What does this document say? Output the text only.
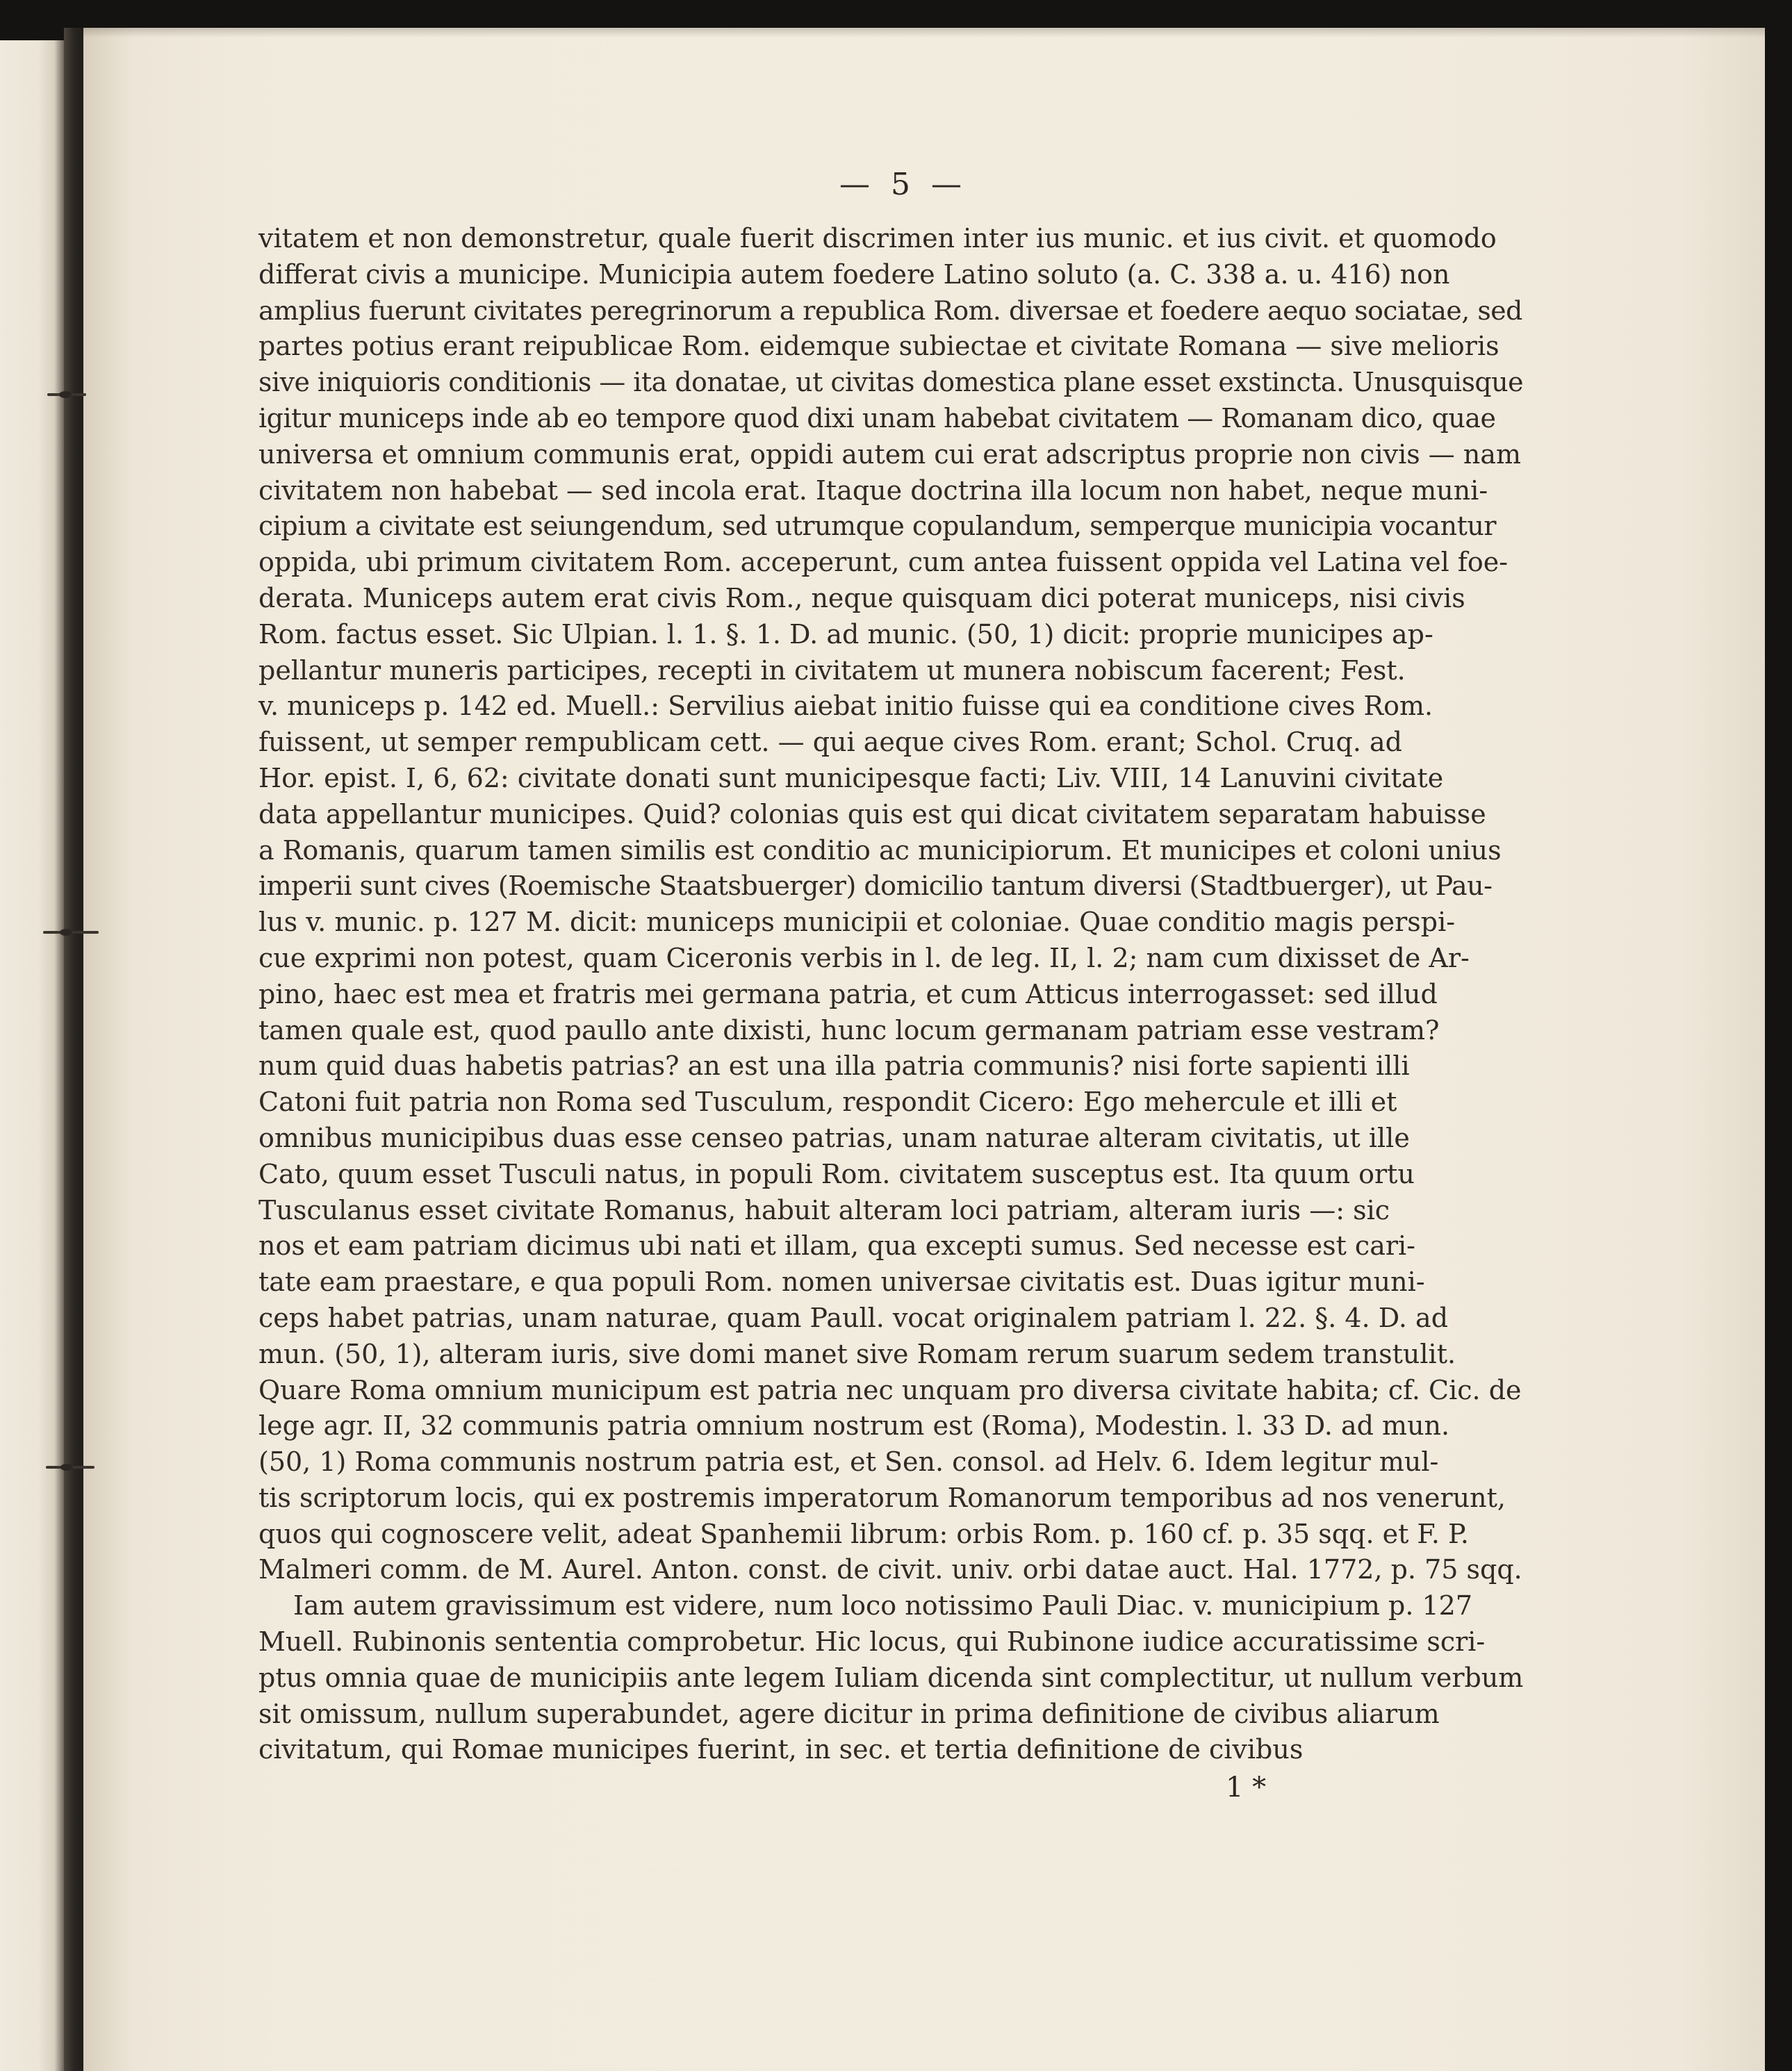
— 5 —
vitatem et non demonstretur, quale fuerit discrimen inter ius munic. et ius civit. et quomodo
differat civis a municipe. Municipia autem foedere Latino soluto (a. C. 338 a. u. 416) non
amplius fuerunt civitates peregrinorum a republica Rom. diversae et foedere aequo sociatae, sed
partes potius erant reipublicae Rom. eidemque subiectae et civitate Romana — sive melioris
sive iniquioris conditionis — ita donatae, ut civitas domestica plane esset exstincta. Unusquisque
igitur municeps inde ab eo tempore quod dixi unam habebat civitatem — Romanam dico, quae
universa et omnium communis erat, oppidi autem cui erat adscriptus proprie non civis — nam
civitatem non habebat — sed incola erat. Itaque doctrina illa locum non habet, neque muni-
cipium a civitate est seiungendum, sed utrumque copulandum, semperque municipia vocantur
oppida, ubi primum civitatem Rom. acceperunt, cum antea fuissent oppida vel Latina vel foe-
derata. Municeps autem erat civis Rom., neque quisquam dici poterat municeps, nisi civis
Rom. factus esset. Sic Ulpian. l. 1. §. 1. D. ad munic. (50, 1) dicit: proprie municipes ap-
pellantur muneris participes, recepti in civitatem ut munera nobiscum facerent; Fest.
v. municeps p. 142 ed. Muell.: Servilius aiebat initio fuisse qui ea conditione cives Rom.
fuissent, ut semper rempublicam cett. — qui aeque cives Rom. erant; Schol. Cruq. ad
Hor. epist. I, 6, 62: civitate donati sunt municipesque facti; Liv. VIII, 14 Lanuvini civitate
data appellantur municipes. Quid? colonias quis est qui dicat civitatem separatam habuisse
a Romanis, quarum tamen similis est conditio ac municipiorum. Et municipes et coloni unius
imperii sunt cives (Roemische Staatsbuerger) domicilio tantum diversi (Stadtbuerger), ut Pau-
lus v. munic. p. 127 M. dicit: municeps municipii et coloniae. Quae conditio magis perspi-
cue exprimi non potest, quam Ciceronis verbis in l. de leg. II, l. 2; nam cum dixisset de Ar-
pino, haec est mea et fratris mei germana patria, et cum Atticus interrogasset: sed illud
tamen quale est, quod paullo ante dixisti, hunc locum germanam patriam esse vestram?
num quid duas habetis patrias? an est una illa patria communis? nisi forte sapienti illi
Catoni fuit patria non Roma sed Tusculum, respondit Cicero: Ego mehercule et illi et
omnibus municipibus duas esse censeo patrias, unam naturae alteram civitatis, ut ille
Cato, quum esset Tusculi natus, in populi Rom. civitatem susceptus est. Ita quum ortu
Tusculanus esset civitate Romanus, habuit alteram loci patriam, alteram iuris —: sic
nos et eam patriam dicimus ubi nati et illam, qua excepti sumus. Sed necesse est cari-
tate eam praestare, e qua populi Rom. nomen universae civitatis est. Duas igitur muni-
ceps habet patrias, unam naturae, quam Paull. vocat originalem patriam l. 22. §. 4. D. ad
mun. (50, 1), alteram iuris, sive domi manet sive Romam rerum suarum sedem transtulit.
Quare Roma omnium municipum est patria nec unquam pro diversa civitate habita; cf. Cic. de
lege agr. II, 32 communis patria omnium nostrum est (Roma), Modestin. l. 33 D. ad mun.
(50, 1) Roma communis nostrum patria est, et Sen. consol. ad Helv. 6. Idem legitur mul-
tis scriptorum locis, qui ex postremis imperatorum Romanorum temporibus ad nos venerunt,
quos qui cognoscere velit, adeat Spanhemii librum: orbis Rom. p. 160 cf. p. 35 sqq. et F. P.
Malmeri comm. de M. Aurel. Anton. const. de civit. univ. orbi datae auct. Hal. 1772, p. 75 sqq.
Iam autem gravissimum est videre, num loco notissimo Pauli Diac. v. municipium p. 127
Muell. Rubinonis sententia comprobetur. Hic locus, qui Rubinone iudice accuratissime scri-
ptus omnia quae de municipiis ante legem Iuliam dicenda sint complectitur, ut nullum verbum
sit omissum, nullum superabundet, agere dicitur in prima definitione de civibus aliarum
civitatum, qui Romae municipes fuerint, in sec. et tertia definitione de civibus
1 *
